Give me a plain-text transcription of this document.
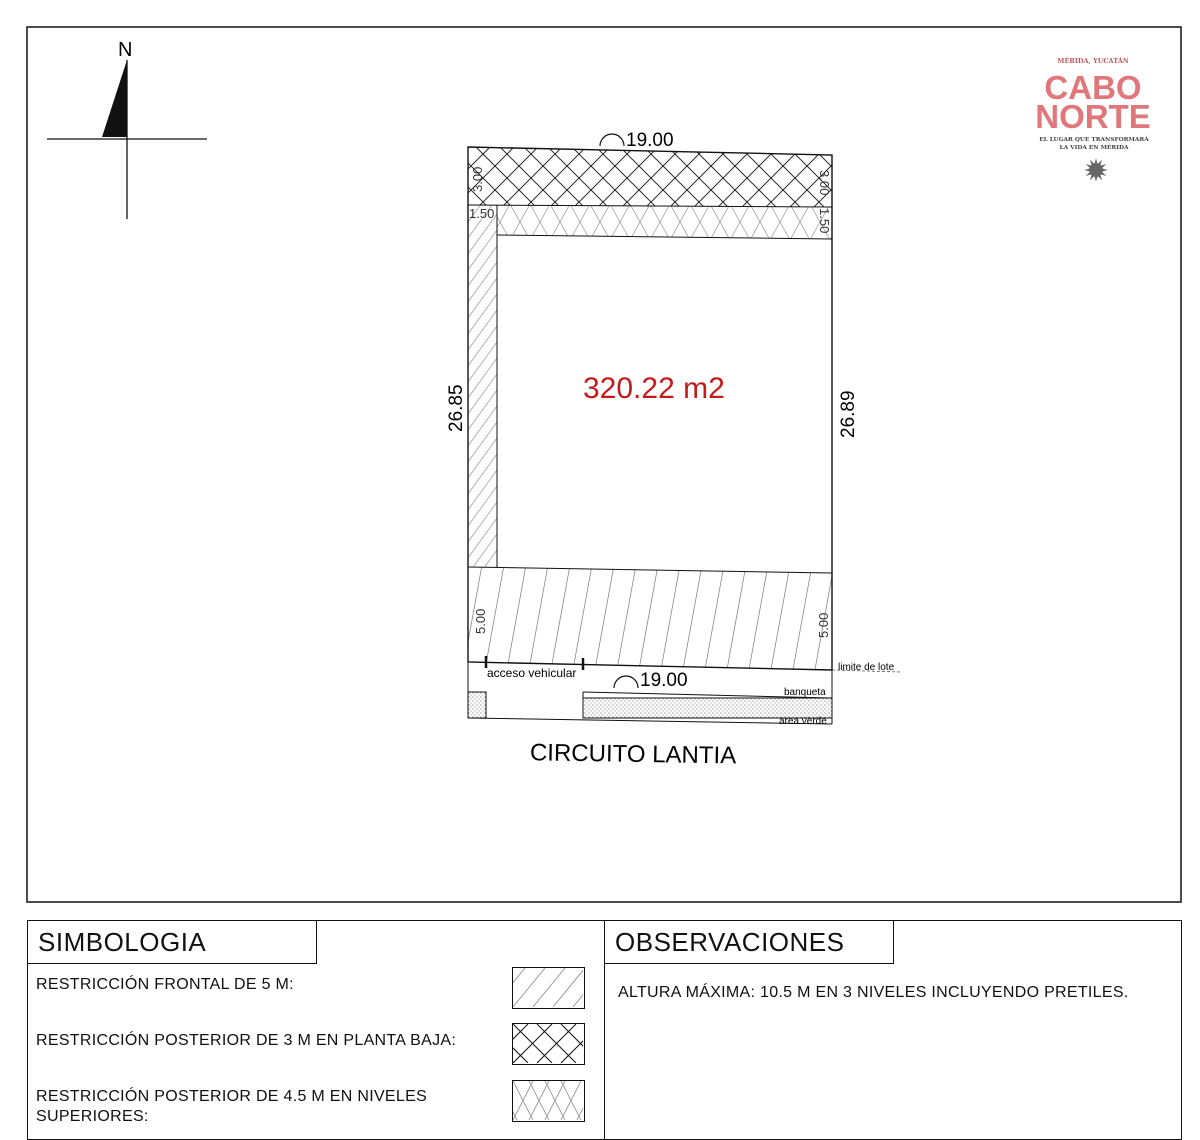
N
19.00
19.00
26.85	26.89
3.00	3.00
1.50	1.50
5.00	5.00
acceso vehicular	limite de lote
banqueta
area verde
320.22 m2
CIRCUITO LANTIA
MÉRIDA, YUCATÁN
CABO
NORTE
EL LUGAR QUE TRANSFORMARÁ
LA VIDA EN MÉRIDA
SIMBOLOGIA	OBSERVACIONES
RESTRICCIÓN FRONTAL DE 5 M:
RESTRICCIÓN POSTERIOR DE 3 M EN PLANTA BAJA:
RESTRICCIÓN POSTERIOR DE 4.5 M EN NIVELES SUPERIORES:
ALTURA MÁXIMA: 10.5 M EN 3 NIVELES INCLUYENDO PRETILES.
